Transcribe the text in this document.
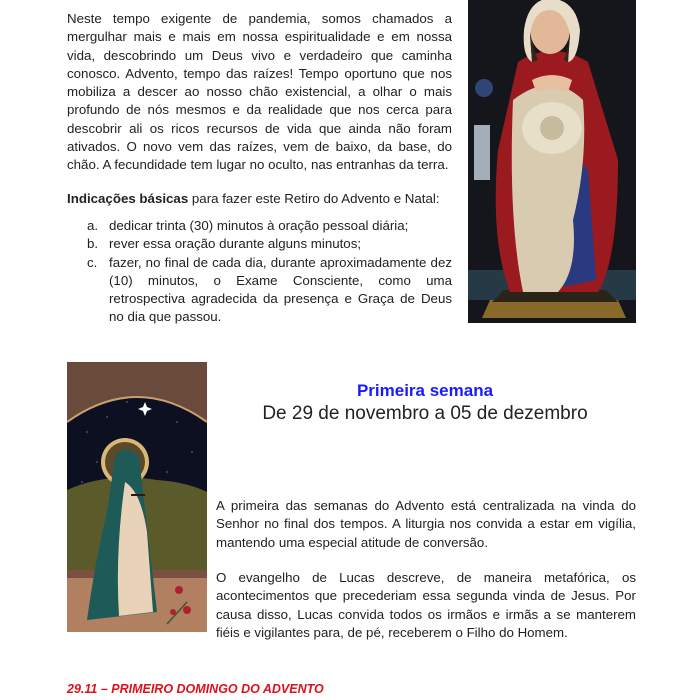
Neste tempo exigente de pandemia, somos chamados a mergulhar mais e mais em nossa espiritualidade e em nossa vida, descobrindo um Deus vivo e verdadeiro que caminha conosco. Advento, tempo das raízes! Tempo oportuno que nos mobiliza a descer ao nosso chão existencial, a olhar o mais profundo de nós mesmos e da realidade que nos cerca para descobrir ali os ricos recursos de vida que ainda não foram ativados. O novo vem das raízes, vem de baixo, da base, do chão. A fecundidade tem lugar no oculto, nas entranhas da terra.
Indicações básicas para fazer este Retiro do Advento e Natal:
a. dedicar trinta (30) minutos à oração pessoal diária;
b. rever essa oração durante alguns minutos;
c. fazer, no final de cada dia, durante aproximadamente dez (10) minutos, o Exame Consciente, como uma retrospectiva agradecida da presença e Graça de Deus no dia que passou.
Primeira semana
De 29 de novembro a 05 de dezembro
A primeira das semanas do Advento está centralizada na vinda do Senhor no final dos tempos. A liturgia nos convida a estar em vigília, mantendo uma especial atitude de conversão.
O evangelho de Lucas descreve, de maneira metafórica, os acontecimentos que precederiam essa segunda vinda de Jesus. Por causa disso, Lucas convida todos os irmãos e irmãs a se manterem fiéis e vigilantes para, de pé, receberem o Filho do Homem.
29.11 – PRIMEIRO DOMINGO DO ADVENTO
